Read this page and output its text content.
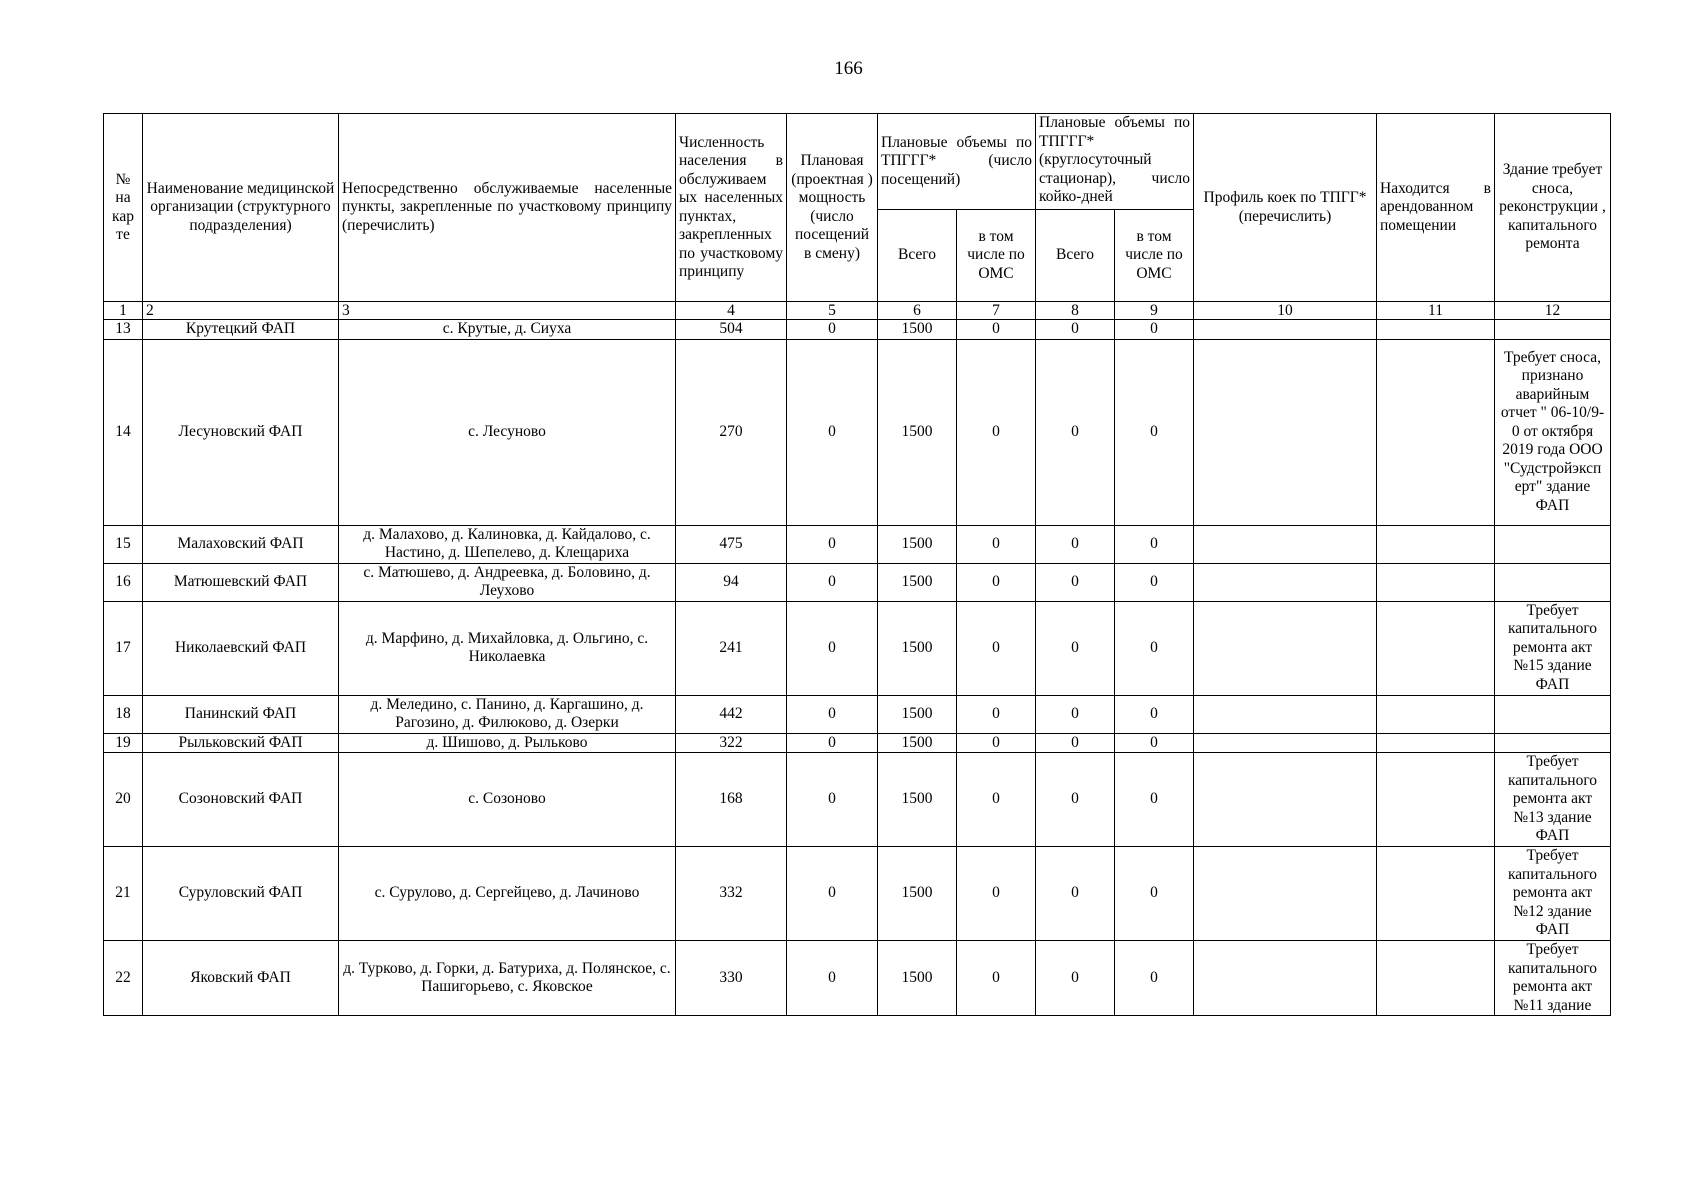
166
№ на кар те	Наименование медицинской организации (структурного подразделения)	Непосредственно обслуживаемые населенные пункты, закрепленные по участковому принципу (перечислить)	Численность населения в обслуживаем ых населенных пунктах, закрепленных по участковому принципу	Плановая (проектная ) мощность (число посещений в смену)	Плановые объемы по ТПГГГ* (число посещений)		Плановые объемы по ТПГГГ* (круглосуточный стационар), число койко-дней		Профиль коек по ТПГГ* (перечислить)	Находится в арендованном помещении	Здание требует сноса, реконструкции , капитального ремонта
					Всего	в том числе по ОМС	Всего	в том числе по ОМС			
1	2	3	4	5	6	7	8	9	10	11	12
13	Крутецкий ФАП	с. Крутые, д. Сиуха	504	0	1500	0	0	0			
14	Лесуновский ФАП	с. Лесуново	270	0	1500	0	0	0			Требует сноса, признано аварийным отчет " 06-10/9-0 от октября 2019 года ООО "Судстройэксп ерт" здание ФАП
15	Малаховский ФАП	д. Малахово, д. Калиновка, д. Кайдалово, с. Настино, д. Шепелево, д. Клещариха	475	0	1500	0	0	0			
16	Матюшевский ФАП	с. Матюшево, д. Андреевка, д. Боловино, д. Леухово	94	0	1500	0	0	0			
17	Николаевский ФАП	д. Марфино, д. Михайловка, д. Ольгино, с. Николаевка	241	0	1500	0	0	0			Требует капитального ремонта акт №15 здание ФАП
18	Панинский ФАП	д. Меледино, с. Панино, д. Каргашино, д. Рагозино, д. Филюково, д. Озерки	442	0	1500	0	0	0			
19	Рыльковский ФАП	д. Шишово, д. Рыльково	322	0	1500	0	0	0			
20	Созоновский ФАП	с. Созоново	168	0	1500	0	0	0			Требует капитального ремонта акт №13 здание ФАП
21	Суруловский ФАП	с. Сурулово, д. Сергейцево, д. Лачиново	332	0	1500	0	0	0			Требует капитального ремонта акт №12 здание ФАП
22	Яковский ФАП	д. Турково, д. Горки, д. Батуриха, д. Полянское, с. Пашигорьево, с. Яковское	330	0	1500	0	0	0			Требует капитального ремонта акт №11 здание
